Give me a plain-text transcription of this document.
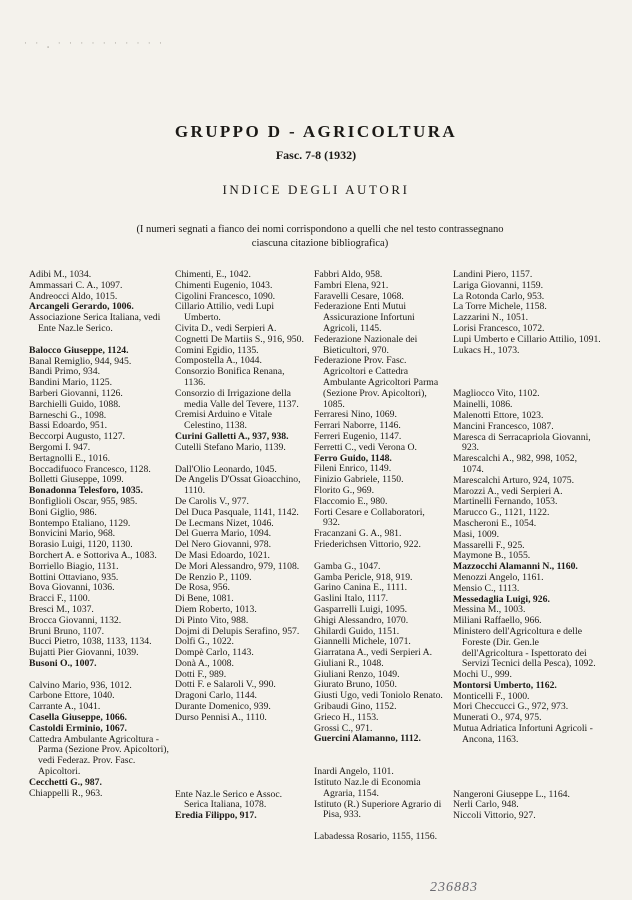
· · ¸ · · · · · · · · · ·
GRUPPO D - AGRICOLTURA
Fasc. 7-8 (1932)
INDICE DEGLI AUTORI
(I numeri segnati a fianco dei nomi corrispondono a quelli che nel testo contrassegnano
ciascuna citazione bibliografica)
Adibi M., 1034.
Ammassari C. A., 1097.
Andreocci Aldo, 1015.
Arcangeli Gerardo, 1006.
Associazione Serica Italiana, vedi Ente Naz.le Serico.
Balocco Giuseppe, 1124.
Banal Remiglio, 944, 945.
Bandi Primo, 934.
Bandini Mario, 1125.
Barberi Giovanni, 1126.
Barchielli Guido, 1088.
Barneschi G., 1098.
Bassi Edoardo, 951.
Beccorpi Augusto, 1127.
Bergomi I. 947.
Bertagnolli E., 1016.
Boccadifuoco Francesco, 1128.
Bolletti Giuseppe, 1099.
Bonadonna Telesforo, 1035.
Bonfiglioli Oscar, 955, 985.
Boni Giglio, 986.
Bontempo Etaliano, 1129.
Bonvicini Mario, 968.
Borasio Luigi, 1120, 1130.
Borchert A. e Sottoriva A., 1083.
Borriello Biagio, 1131.
Bottini Ottaviano, 935.
Bova Giovanni, 1036.
Bracci F., 1100.
Bresci M., 1037.
Brocca Giovanni, 1132.
Bruni Bruno, 1107.
Bucci Pietro, 1038, 1133, 1134.
Bujatti Pier Giovanni, 1039.
Busoni O., 1007.
Calvino Mario, 936, 1012.
Carbone Ettore, 1040.
Carrante A., 1041.
Casella Giuseppe, 1066.
Castoldi Erminio, 1067.
Cattedra Ambulante Agricoltura - Parma (Sezione Prov. Apicoltori), vedi Federaz. Prov. Fasc. Apicoltori.
Cecchetti G., 987.
Chiappelli R., 963.
Chimenti, E., 1042.
Chimenti Eugenio, 1043.
Cigolini Francesco, 1090.
Cillario Attilio, vedi Lupi Umberto.
Civita D., vedi Serpieri A.
Cognetti De Martiis S., 916, 950.
Comini Egidio, 1135.
Compostella A., 1044.
Consorzio Bonifica Renana, 1136.
Consorzio di Irrigazione della media Valle del Tevere, 1137.
Cremisi Arduino e Vitale Celestino, 1138.
Curini Galletti A., 937, 938.
Cutelli Stefano Mario, 1139.
Dall'Olio Leonardo, 1045.
De Angelis D'Ossat Gioacchino, 1110.
De Carolis V., 977.
Del Duca Pasquale, 1141, 1142.
De Lecmans Nizet, 1046.
Del Guerra Mario, 1094.
Del Nero Giovanni, 978.
De Masi Edoardo, 1021.
De Mori Alessandro, 979, 1108.
De Renzio P., 1109.
De Rosa, 956.
Di Bene, 1081.
Diem Roberto, 1013.
Di Pinto Vito, 988.
Dojmi di Delupis Serafino, 957.
Dolfi G., 1022.
Dompè Carlo, 1143.
Donà A., 1008.
Dotti F., 989.
Dotti F. e Salaroli V., 990.
Dragoni Carlo, 1144.
Durante Domenico, 939.
Durso Pennisi A., 1110.
Ente Naz.le Serico e Assoc. Serica Italiana, 1078.
Eredia Filippo, 917.
Fabbri Aldo, 958.
Fambri Elena, 921.
Faravelli Cesare, 1068.
Federazione Enti Mutui Assicurazione Infortuni Agricoli, 1145.
Federazione Nazionale dei Bieticultori, 970.
Federazione Prov. Fasc. Agricoltori e Cattedra Ambulante Agricoltori Parma (Sezione Prov. Apicoltori), 1085.
Ferraresi Nino, 1069.
Ferrari Naborre, 1146.
Ferreri Eugenio, 1147.
Ferretti C., vedi Verona O.
Ferro Guido, 1148.
Fileni Enrico, 1149.
Finizio Gabriele, 1150.
Florito G., 969.
Flaccomio E., 980.
Forti Cesare e Collaboratori, 932.
Fracanzani G. A., 981.
Friederichsen Vittorio, 922.
Gamba G., 1047.
Gamba Pericle, 918, 919.
Garino Canina E., 1111.
Gaslini Italo, 1117.
Gasparrelli Luigi, 1095.
Ghigi Alessandro, 1070.
Ghilardi Guido, 1151.
Giannelli Michele, 1071.
Giarratana A., vedi Serpieri A.
Giuliani R., 1048.
Giuliani Renzo, 1049.
Giurato Bruno, 1050.
Giusti Ugo, vedi Toniolo Renato.
Gribaudi Gino, 1152.
Grieco H., 1153.
Grossi C., 971.
Guercini Alamanno, 1112.
Inardi Angelo, 1101.
Istituto Naz.le di Economia Agraria, 1154.
Istituto (R.) Superiore Agrario di Pisa, 933.
Labadessa Rosario, 1155, 1156.
Landini Piero, 1157.
Lariga Giovanni, 1159.
La Rotonda Carlo, 953.
La Torre Michele, 1158.
Lazzarini N., 1051.
Lorisi Francesco, 1072.
Lupi Umberto e Cillario Attilio, 1091.
Lukacs H., 1073.
Magliocco Vito, 1102.
Mainelli, 1086.
Malenotti Ettore, 1023.
Mancini Francesco, 1087.
Maresca di Serracapriola Giovanni, 923.
Marescalchi A., 982, 998, 1052, 1074.
Marescalchi Arturo, 924, 1075.
Marozzi A., vedi Serpieri A.
Martinelli Fernando, 1053.
Marucco G., 1121, 1122.
Mascheroni E., 1054.
Masi, 1009.
Massarelli F., 925.
Maymone B., 1055.
Mazzocchi Alamanni N., 1160.
Menozzi Angelo, 1161.
Mensio C., 1113.
Messedaglia Luigi, 926.
Messina M., 1003.
Miliani Raffaello, 966.
Ministero dell'Agricoltura e delle Foreste (Dir. Gen.le dell'Agricoltura - Ispettorato dei Servizi Tecnici della Pesca), 1092.
Mochi U., 999.
Montorsi Umberto, 1162.
Monticelli F., 1000.
Mori Checcucci G., 972, 973.
Munerati O., 974, 975.
Mutua Adriatica Infortuni Agricoli - Ancona, 1163.
Nangeroni Giuseppe L., 1164.
Nerli Carlo, 948.
Niccoli Vittorio, 927.
236883
